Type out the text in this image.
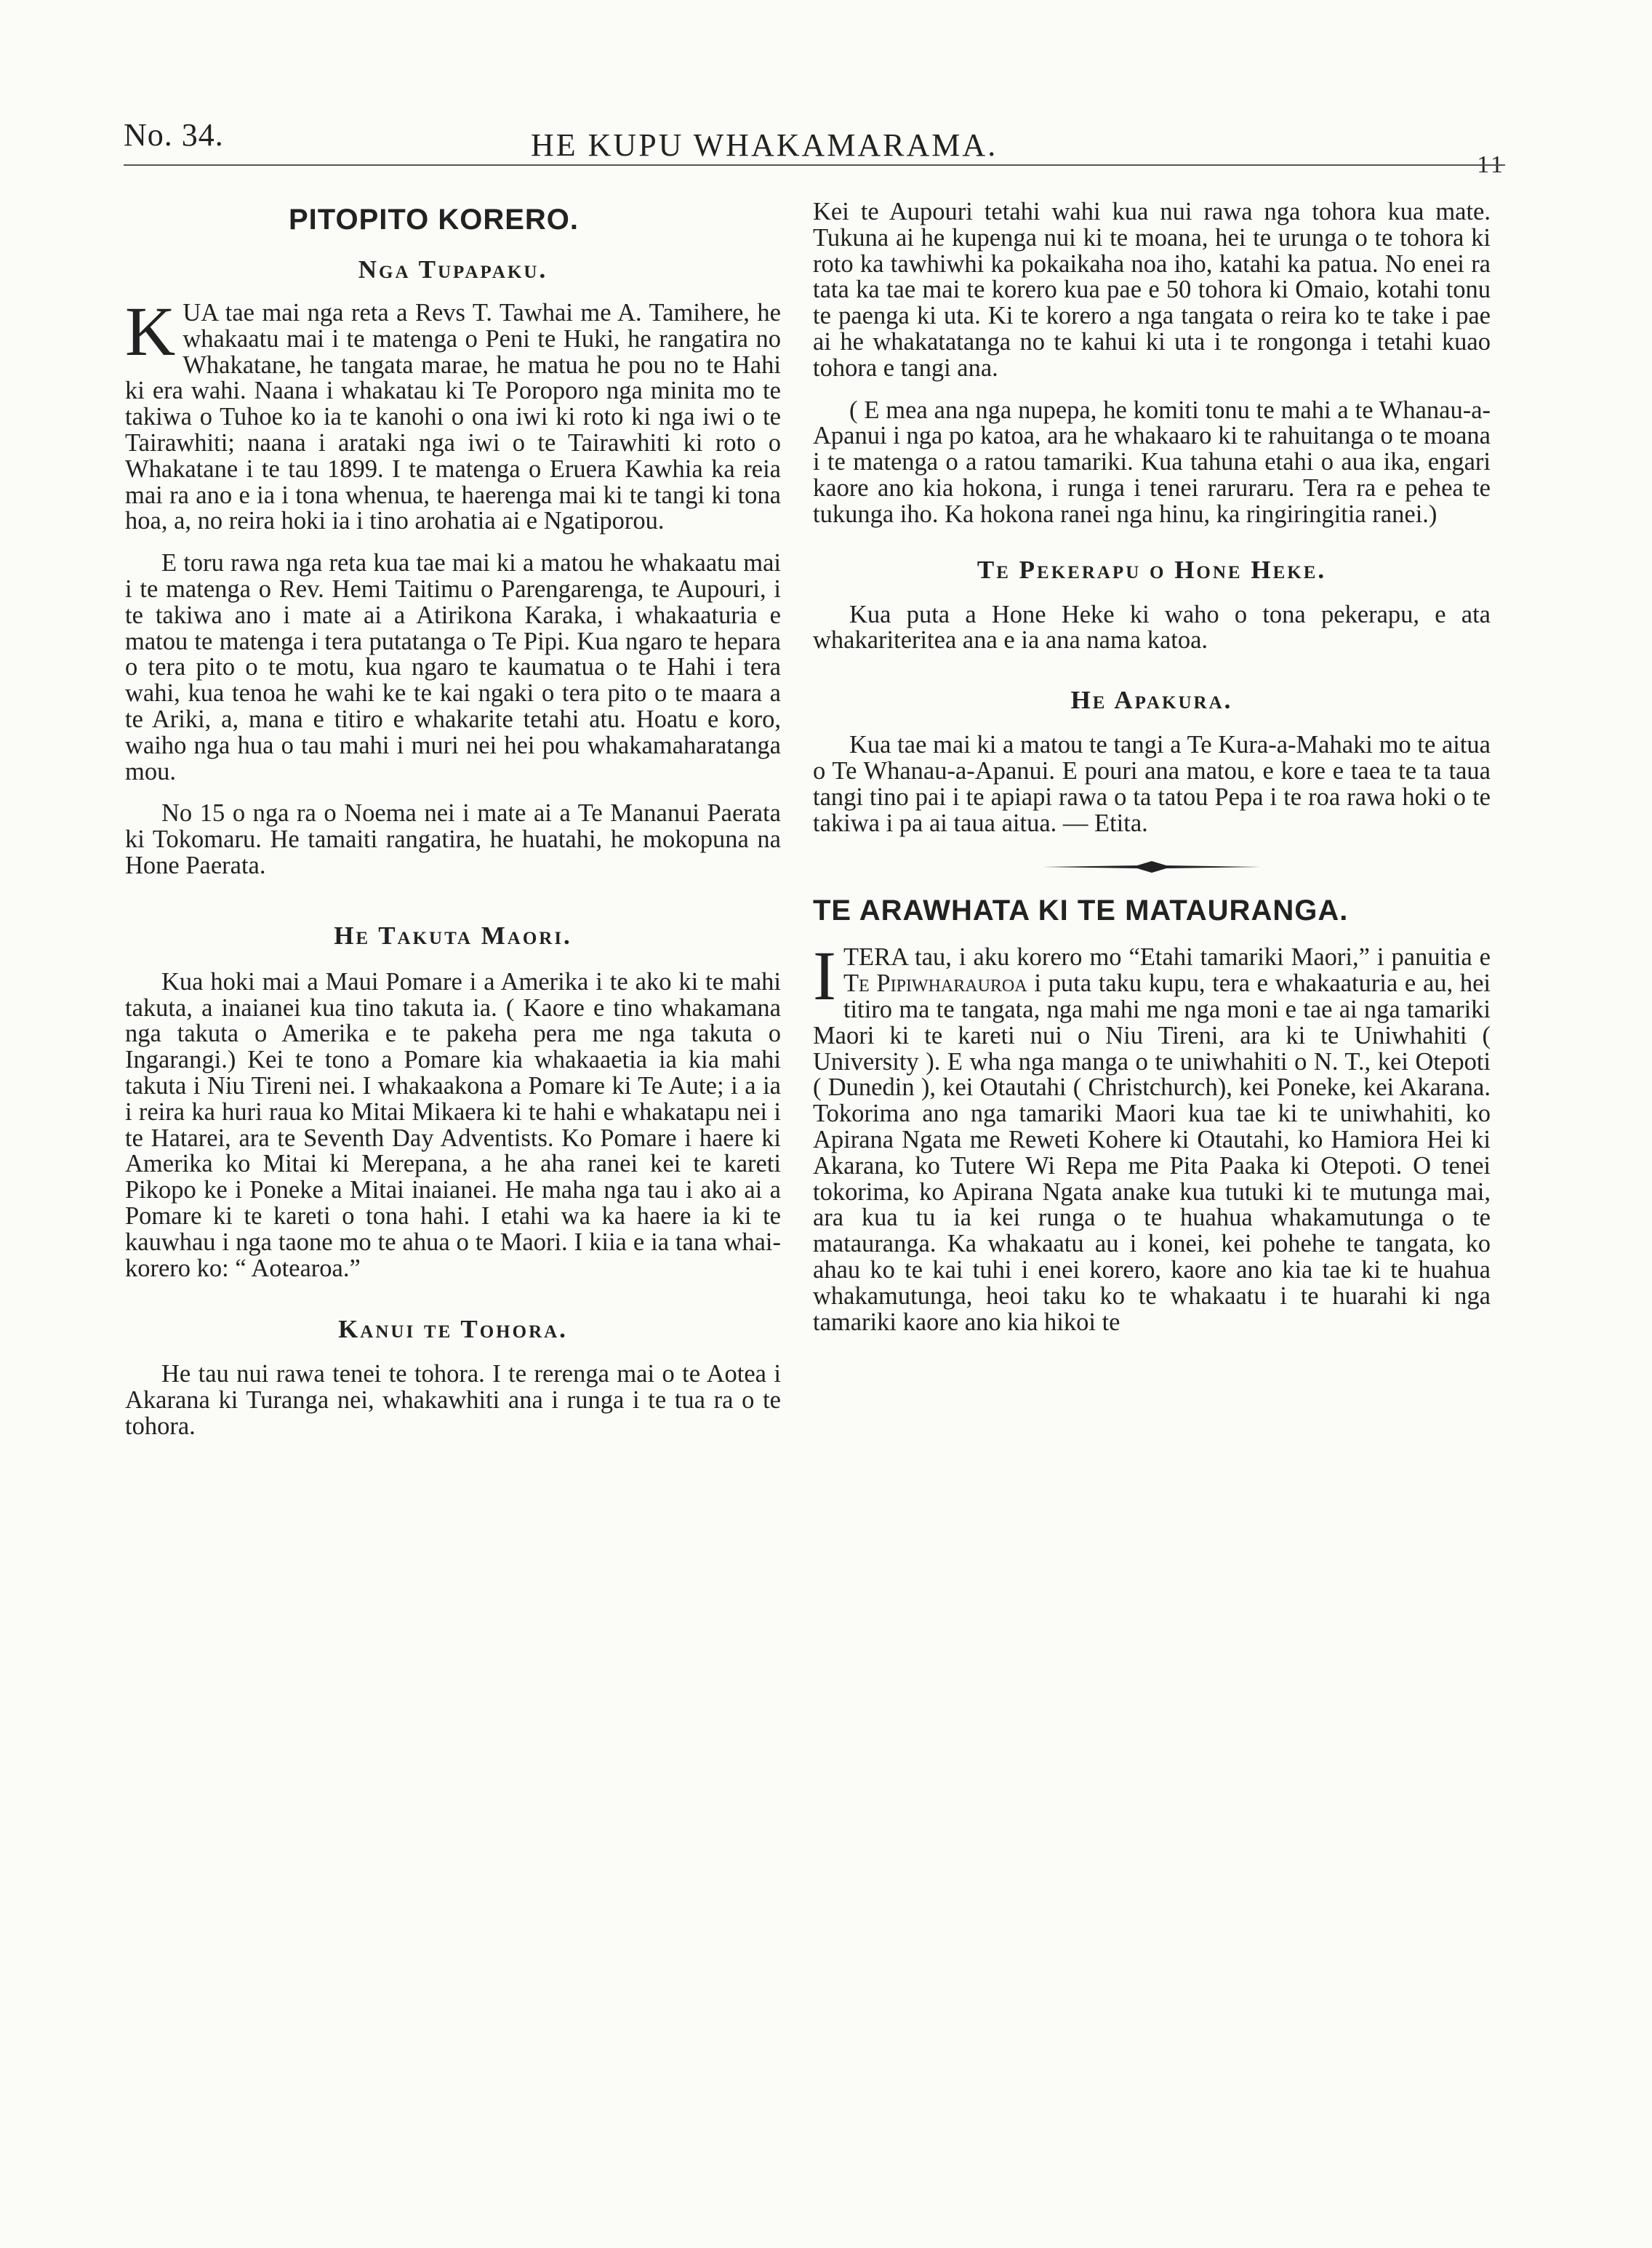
No. 34.	HE KUPU WHAKAMARAMA.
11
PITOPITO KORERO.
Nga Tupapaku.

KUA tae mai nga reta a Revs T. Tawhai me A. Tamihere, he whakaatu mai i te matenga o Peni te Huki, he rangatira no Whakatane, he tangata marae, he matua he pou no te Hahi ki era wahi. Naana i whakatau ki Te Poroporo nga minita mo te takiwa o Tuhoe ko ia te kanohi o ona iwi ki roto ki nga iwi o te Tairawhiti; naana i arataki nga iwi o te Tairawhiti ki roto o Whakatane i te tau 1899. I te matenga o Eruera Kawhia ka reia mai ra ano e ia i tona whenua, te haerenga mai ki te tangi ki tona hoa, a, no reira hoki ia i tino arohatia ai e Ngatiporou.

E toru rawa nga reta kua tae mai ki a matou he whakaatu mai i te matenga o Rev. Hemi Taitimu o Parengarenga, te Aupouri, i te takiwa ano i mate ai a Atirikona Karaka, i whakaaturia e matou te matenga i tera putatanga o Te Pipi. Kua ngaro te hepara o tera pito o te motu, kua ngaro te kaumatua o te Hahi i tera wahi, kua tenoa he wahi ke te kai ngaki o tera pito o te maara a te Ariki, a, mana e titiro e whakarite tetahi atu. Hoatu e koro, waiho nga hua o tau mahi i muri nei hei pou whakamaharatanga mou.

No 15 o nga ra o Noema nei i mate ai a Te Mananui Paerata ki Tokomaru. He tamaiti rangatira, he huatahi, he mokopuna na Hone Paerata.

He Takuta Maori.

Kua hoki mai a Maui Pomare i a Amerika i te ako ki te mahi takuta, a inaianei kua tino takuta ia. ( Kaore e tino whakamana nga takuta o Amerika e te pakeha pera me nga takuta o Ingarangi.) Kei te tono a Pomare kia whakaaetia ia kia mahi takuta i Niu Tireni nei. I whakaakona a Pomare ki Te Aute; i a ia i reira ka huri raua ko Mitai Mikaera ki te hahi e whakatapu nei i te Hatarei, ara te Seventh Day Adventists. Ko Pomare i haere ki Amerika ko Mitai ki Merepana, a he aha ranei kei te kareti Pikopo ke i Poneke a Mitai inaianei. He maha nga tau i ako ai a Pomare ki te kareti o tona hahi. I etahi wa ka haere ia ki te kauwhau i nga taone mo te ahua o te Maori. I kiia e ia tana whai-korero ko: “ Aotearoa.”

Kanui te Tohora.

He tau nui rawa tenei te tohora. I te rerenga mai o te Aotea i Akarana ki Turanga nei, whakawhiti ana i runga i te tua ra o te tohora.

Kei te Aupouri tetahi wahi kua nui rawa nga tohora kua mate. Tukuna ai he kupenga nui ki te moana, hei te urunga o te tohora ki roto ka tawhiwhi ka pokaikaha noa iho, katahi ka patua. No enei ra tata ka tae mai te korero kua pae e 50 tohora ki Omaio, kotahi tonu te paenga ki uta. Ki te korero a nga tangata o reira ko te take i pae ai he whakatatanga no te kahui ki uta i te rongonga i tetahi kuao tohora e tangi ana.

( E mea ana nga nupepa, he komiti tonu te mahi a te Whanau-a-Apanui i nga po katoa, ara he whakaaro ki te rahuitanga o te moana i te matenga o a ratou tamariki. Kua tahuna etahi o aua ika, engari kaore ano kia hokona, i runga i tenei raruraru. Tera ra e pehea te tukunga iho. Ka hokona ranei nga hinu, ka ringiringitia ranei.)

Te Pekerapu o Hone Heke.

Kua puta a Hone Heke ki waho o tona pekerapu, e ata whakariteritea ana e ia ana nama katoa.

He Apakura.

Kua tae mai ki a matou te tangi a Te Kura-a-Mahaki mo te aitua o Te Whanau-a-Apanui. E pouri ana matou, e kore e taea te ta taua tangi tino pai i te apiapi rawa o ta tatou Pepa i te roa rawa hoki o te takiwa i pa ai taua aitua. — Etita.

TE ARAWHATA KI TE MATAURANGA.

ITERA tau, i aku korero mo “Etahi tamariki Maori,” i panuitia e Te Pipiwharauroa i puta taku kupu, tera e whakaaturia e au, hei titiro ma te tangata, nga mahi me nga moni e tae ai nga tamariki Maori ki te kareti nui o Niu Tireni, ara ki te Uniwhahiti ( University ). E wha nga manga o te uniwhahiti o N. T., kei Otepoti ( Dunedin ), kei Otautahi ( Christchurch), kei Poneke, kei Akarana. Tokorima ano nga tamariki Maori kua tae ki te uniwhahiti, ko Apirana Ngata me Reweti Kohere ki Otautahi, ko Hamiora Hei ki Akarana, ko Tutere Wi Repa me Pita Paaka ki Otepoti. O tenei tokorima, ko Apirana Ngata anake kua tutuki ki te mutunga mai, ara kua tu ia kei runga o te huahua whakamutunga o te matauranga. Ka whakaatu au i konei, kei pohehe te tangata, ko ahau ko te kai tuhi i enei korero, kaore ano kia tae ki te huahua whakamutunga, heoi taku ko te whakaatu i te huarahi ki nga tamariki kaore ano kia hikoi te
